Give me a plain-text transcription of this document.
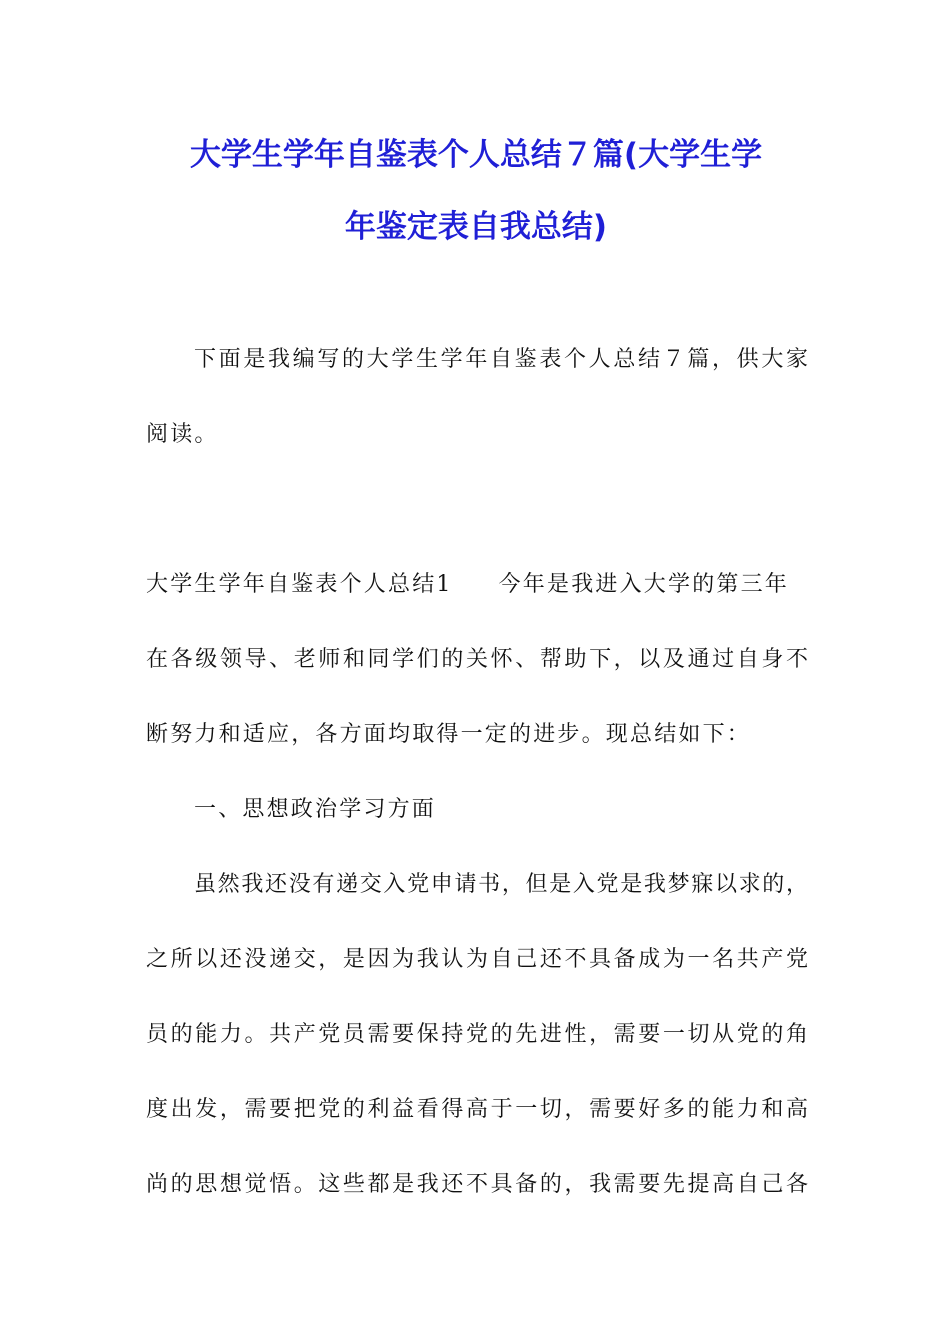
大学生学年自鉴表个人总结７篇(大学生学
年鉴定表自我总结)
下面是我编写的大学生学年自鉴表个人总结７篇，供大家
阅读。
大学生学年自鉴表个人总结1 今年是我进入大学的第三年
在各级领导、老师和同学们的关怀、帮助下，以及通过自身不
断努力和适应，各方面均取得一定的进步。现总结如下：
一、思想政治学习方面
虽然我还没有递交入党申请书，但是入党是我梦寐以求的，
之所以还没递交，是因为我认为自己还不具备成为一名共产党
员的能力。共产党员需要保持党的先进性，需要一切从党的角
度出发，需要把党的利益看得高于一切，需要好多的能力和高
尚的思想觉悟。这些都是我还不具备的，我需要先提高自己各
